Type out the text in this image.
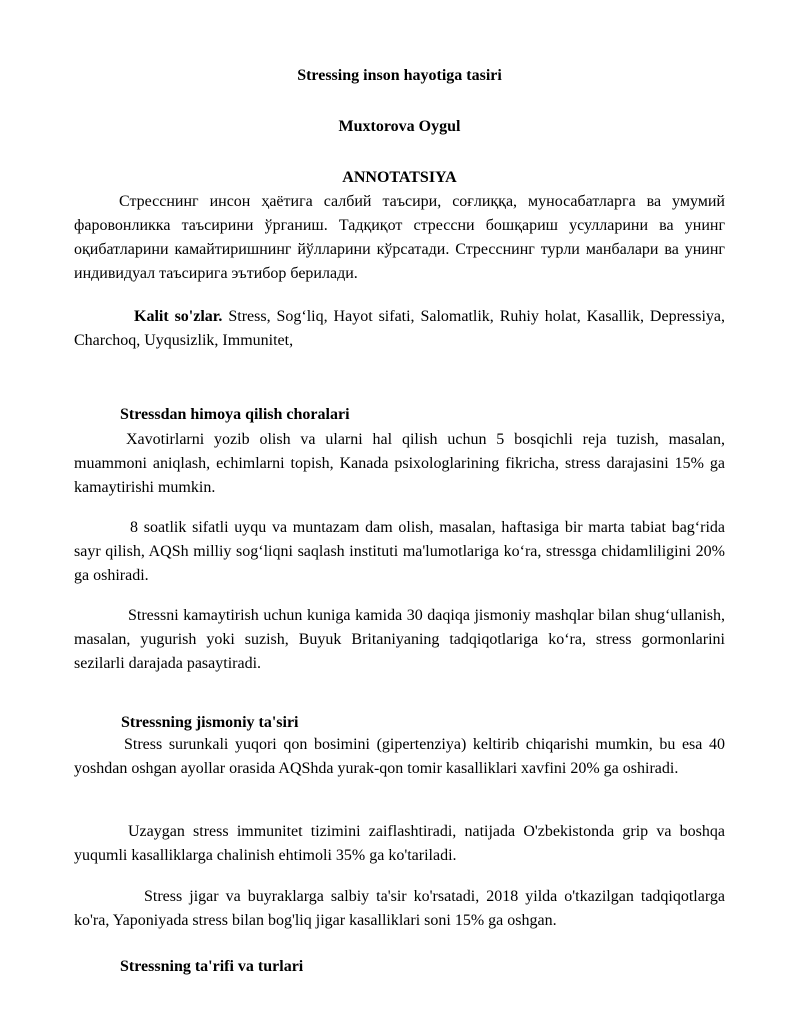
Stressing inson hayotiga tasiri

Muxtorova Oygul

ANNOTATSIYA

Стресснинг инсон ҳаётига салбий таъсири, соғлиққа, муносабатларга ва умумий фаровонликка таъсирини ўрганиш. Тадқиқот стрессни бошқариш усулларини ва унинг оқибатларини камайтиришнинг йўлларини кўрсатади. Стресснинг турли манбалари ва унинг индивидуал таъсирига эътибор берилади.

Kalit so'zlar. Stress, Sog‘liq, Hayot sifati, Salomatlik, Ruhiy holat, Kasallik, Depressiya, Charchoq, Uyqusizlik, Immunitet,

Stressdan himoya qilish choralari

Xavotirlarni yozib olish va ularni hal qilish uchun 5 bosqichli reja tuzish, masalan, muammoni aniqlash, echimlarni topish, Kanada psixologlarining fikricha, stress darajasini 15% ga kamaytirishi mumkin.

8 soatlik sifatli uyqu va muntazam dam olish, masalan, haftasiga bir marta tabiat bag‘rida sayr qilish, AQSh milliy sog‘liqni saqlash instituti ma'lumotlariga ko‘ra, stressga chidamliligini 20% ga oshiradi.

Stressni kamaytirish uchun kuniga kamida 30 daqiqa jismoniy mashqlar bilan shug‘ullanish, masalan, yugurish yoki suzish, Buyuk Britaniyaning tadqiqotlariga ko‘ra, stress gormonlarini sezilarli darajada pasaytiradi.

Stressning jismoniy ta'siri

Stress surunkali yuqori qon bosimini (gipertenziya) keltirib chiqarishi mumkin, bu esa 40 yoshdan oshgan ayollar orasida AQShda yurak-qon tomir kasalliklari xavfini 20% ga oshiradi.

Uzaygan stress immunitet tizimini zaiflashtiradi, natijada O'zbekistonda grip va boshqa yuqumli kasalliklarga chalinish ehtimoli 35% ga ko'tariladi.

Stress jigar va buyraklarga salbiy ta'sir ko'rsatadi, 2018 yilda o'tkazilgan tadqiqotlarga ko'ra, Yaponiyada stress bilan bog'liq jigar kasalliklari soni 15% ga oshgan.

Stressning ta'rifi va turlari
